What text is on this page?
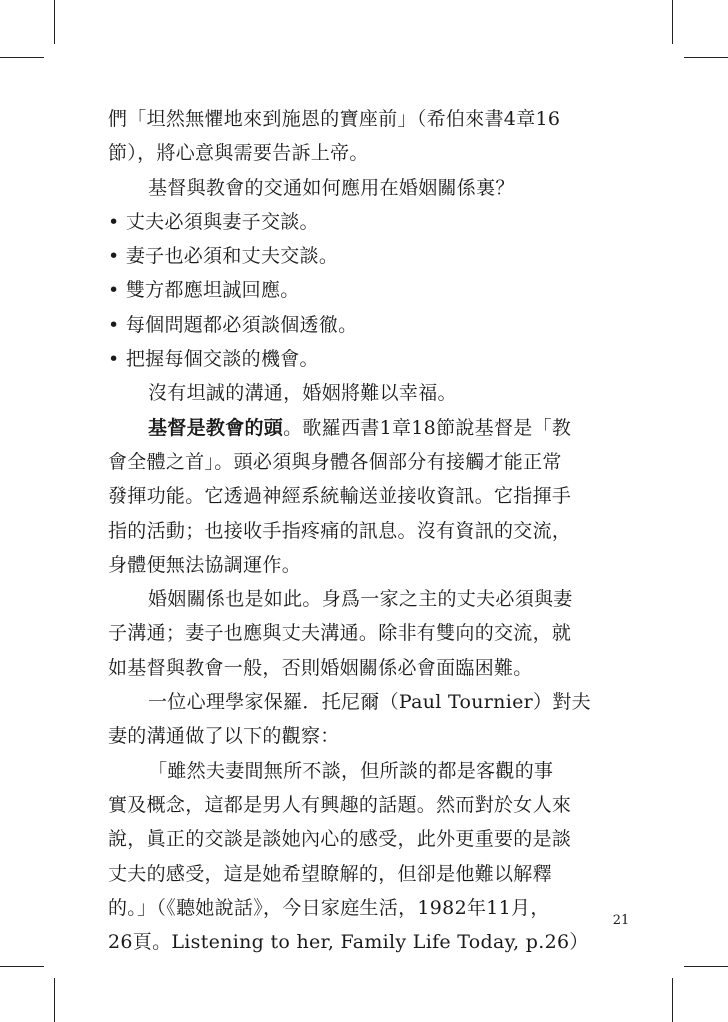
們「坦然無懼地來到施恩的寶座前」（希伯來書4章16
節），將心意與需要告訴上帝。
基督與教會的交通如何應用在婚姻關係裏？
• 丈夫必須與妻子交談。
• 妻子也必須和丈夫交談。
• 雙方都應坦誠回應。
• 每個問題都必須談個透徹。
• 把握每個交談的機會。
沒有坦誠的溝通，婚姻將難以幸福。
基督是教會的頭。歌羅西書1章18節說基督是「教
會全體之首」。頭必須與身體各個部分有接觸才能正常
發揮功能。它透過神經系統輸送並接收資訊。它指揮手
指的活動；也接收手指疼痛的訊息。沒有資訊的交流，
身體便無法協調運作。
婚姻關係也是如此。身爲一家之主的丈夫必須與妻
子溝通；妻子也應與丈夫溝通。除非有雙向的交流，就
如基督與教會一般，否則婚姻關係必會面臨困難。
一位心理學家保羅．托尼爾（Paul Tournier）對夫
妻的溝通做了以下的觀察：
「雖然夫妻間無所不談，但所談的都是客觀的事
實及概念，這都是男人有興趣的話題。然而對於女人來
說，眞正的交談是談她內心的感受，此外更重要的是談
丈夫的感受，這是她希望瞭解的，但卻是他難以解釋
的。」（《聽她說話》，今日家庭生活，1982年11月，
26頁。Listening to her, Family Life Today, p.26）
21
